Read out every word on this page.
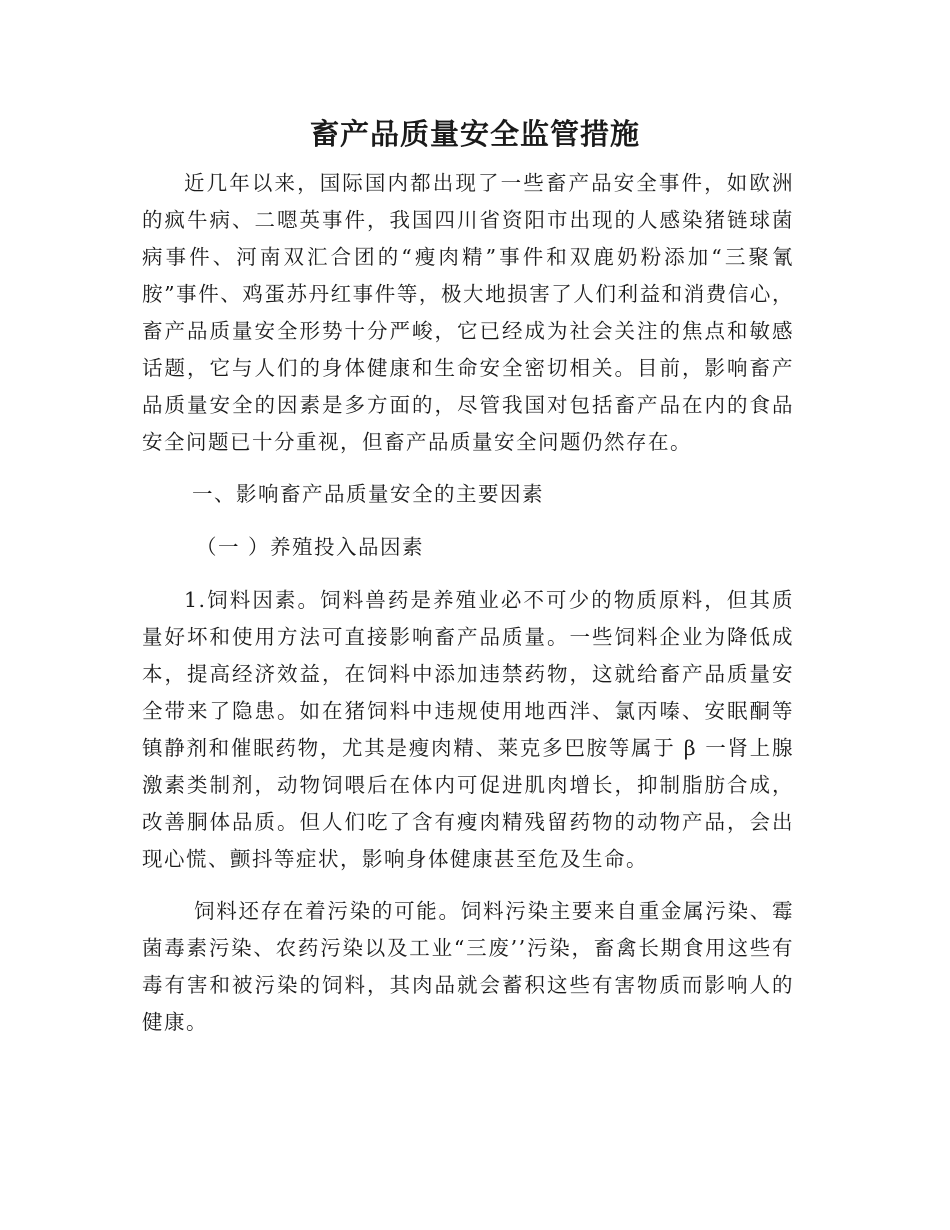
畜产品质量安全监管措施

近几年以来，国际国内都出现了一些畜产品安全事件，如欧洲的疯牛病、二嗯英事件，我国四川省资阳市出现的人感染猪链球菌病事件、河南双汇合团的“瘦肉精”事件和双鹿奶粉添加“三聚氰胺”事件、鸡蛋苏丹红事件等，极大地损害了人们利益和消费信心，畜产品质量安全形势十分严峻，它已经成为社会关注的焦点和敏感话题，它与人们的身体健康和生命安全密切相关。目前，影响畜产品质量安全的因素是多方面的，尽管我国对包括畜产品在内的食品安全问题已十分重视，但畜产品质量安全问题仍然存在。

一、影响畜产品质量安全的主要因素
（一 ）养殖投入品因素

1.饲料因素。饲料兽药是养殖业必不可少的物质原料，但其质量好坏和使用方法可直接影响畜产品质量。一些饲料企业为降低成本，提高经济效益，在饲料中添加违禁药物，这就给畜产品质量安全带来了隐患。如在猪饲料中违规使用地西泮、氯丙嗪、安眠酮等镇静剂和催眠药物，尤其是瘦肉精、莱克多巴胺等属于 β 一肾上腺激素类制剂，动物饲喂后在体内可促进肌肉增长，抑制脂肪合成，改善胴体品质。但人们吃了含有瘦肉精残留药物的动物产品，会出现心慌、颤抖等症状，影响身体健康甚至危及生命。

饲料还存在着污染的可能。饲料污染主要来自重金属污染、霉菌毒素污染、农药污染以及工业“三废’’污染，畜禽长期食用这些有毒有害和被污染的饲料，其肉品就会蓄积这些有害物质而影响人的健康。
